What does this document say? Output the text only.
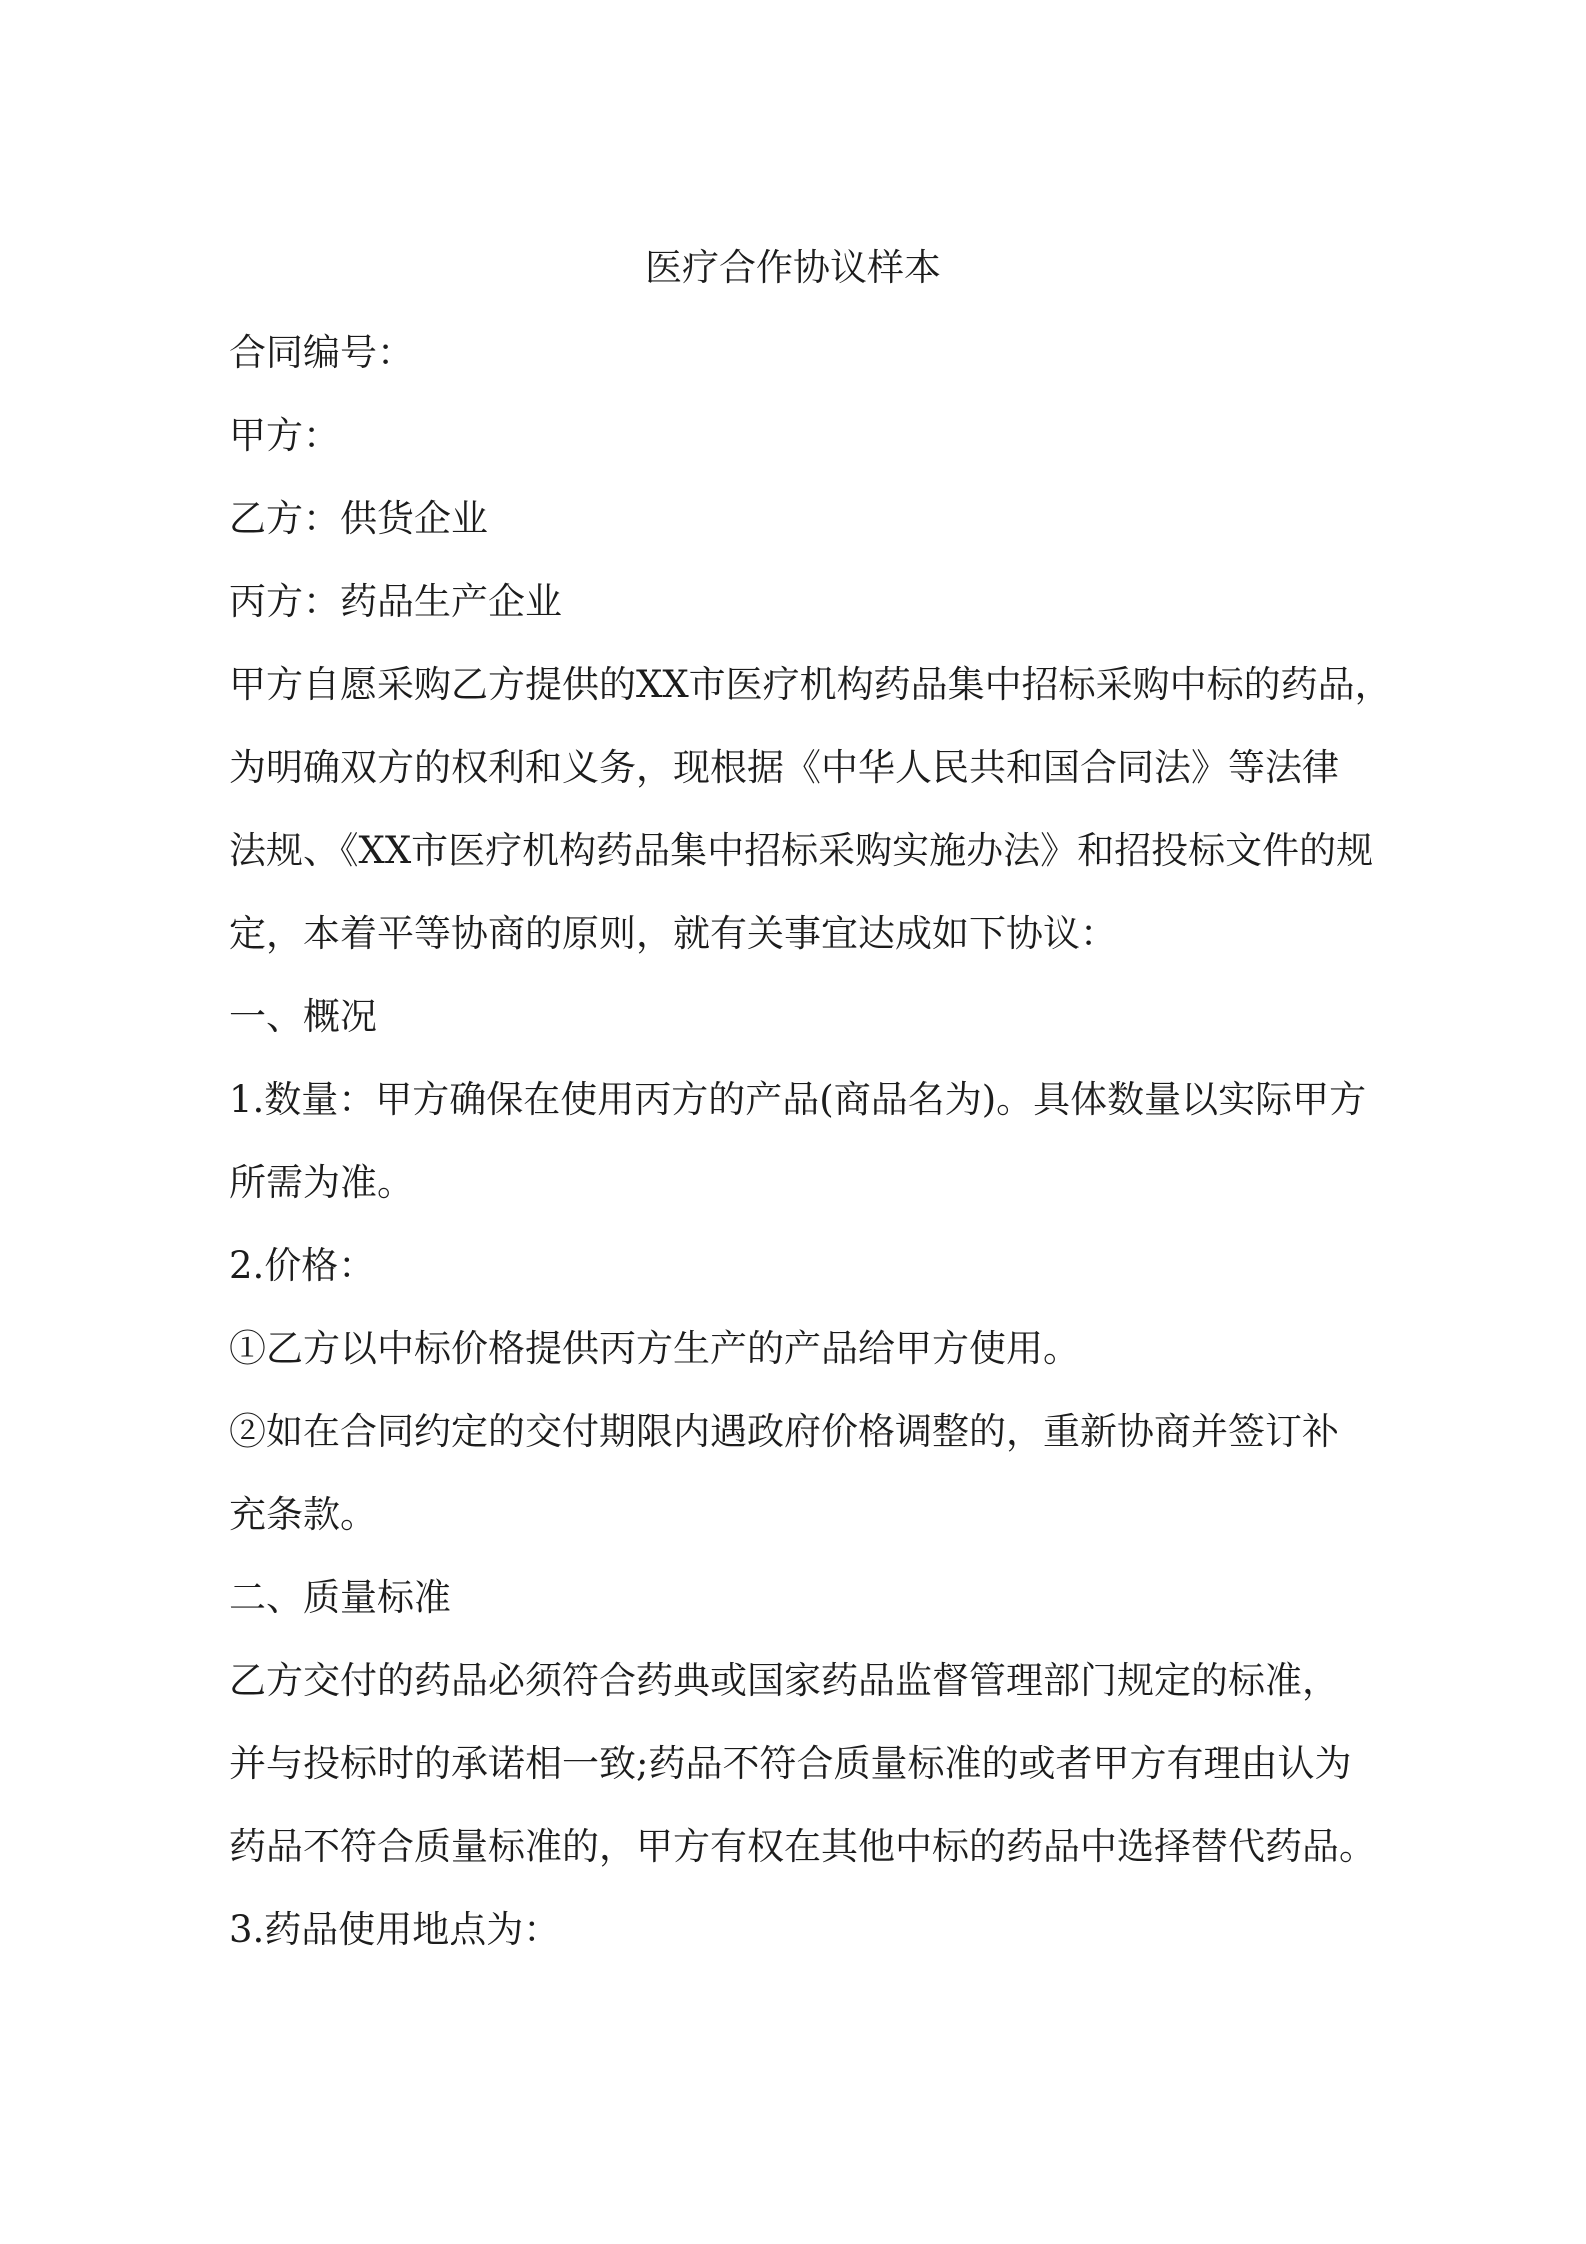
医疗合作协议样本
合同编号：
甲方：
乙方：供货企业
丙方：药品生产企业
甲方自愿采购乙方提供的XX市医疗机构药品集中招标采购中标的药品，
为明确双方的权利和义务，现根据《中华人民共和国合同法》等法律
法规、《XX市医疗机构药品集中招标采购实施办法》和招投标文件的规
定，本着平等协商的原则，就有关事宜达成如下协议：
一、概况
1.数量：甲方确保在使用丙方的产品(商品名为)。具体数量以实际甲方
所需为准。
2.价格：
①乙方以中标价格提供丙方生产的产品给甲方使用。
②如在合同约定的交付期限内遇政府价格调整的，重新协商并签订补
充条款。
二、质量标准
乙方交付的药品必须符合药典或国家药品监督管理部门规定的标准，
并与投标时的承诺相一致;药品不符合质量标准的或者甲方有理由认为
药品不符合质量标准的，甲方有权在其他中标的药品中选择替代药品。
3.药品使用地点为：
